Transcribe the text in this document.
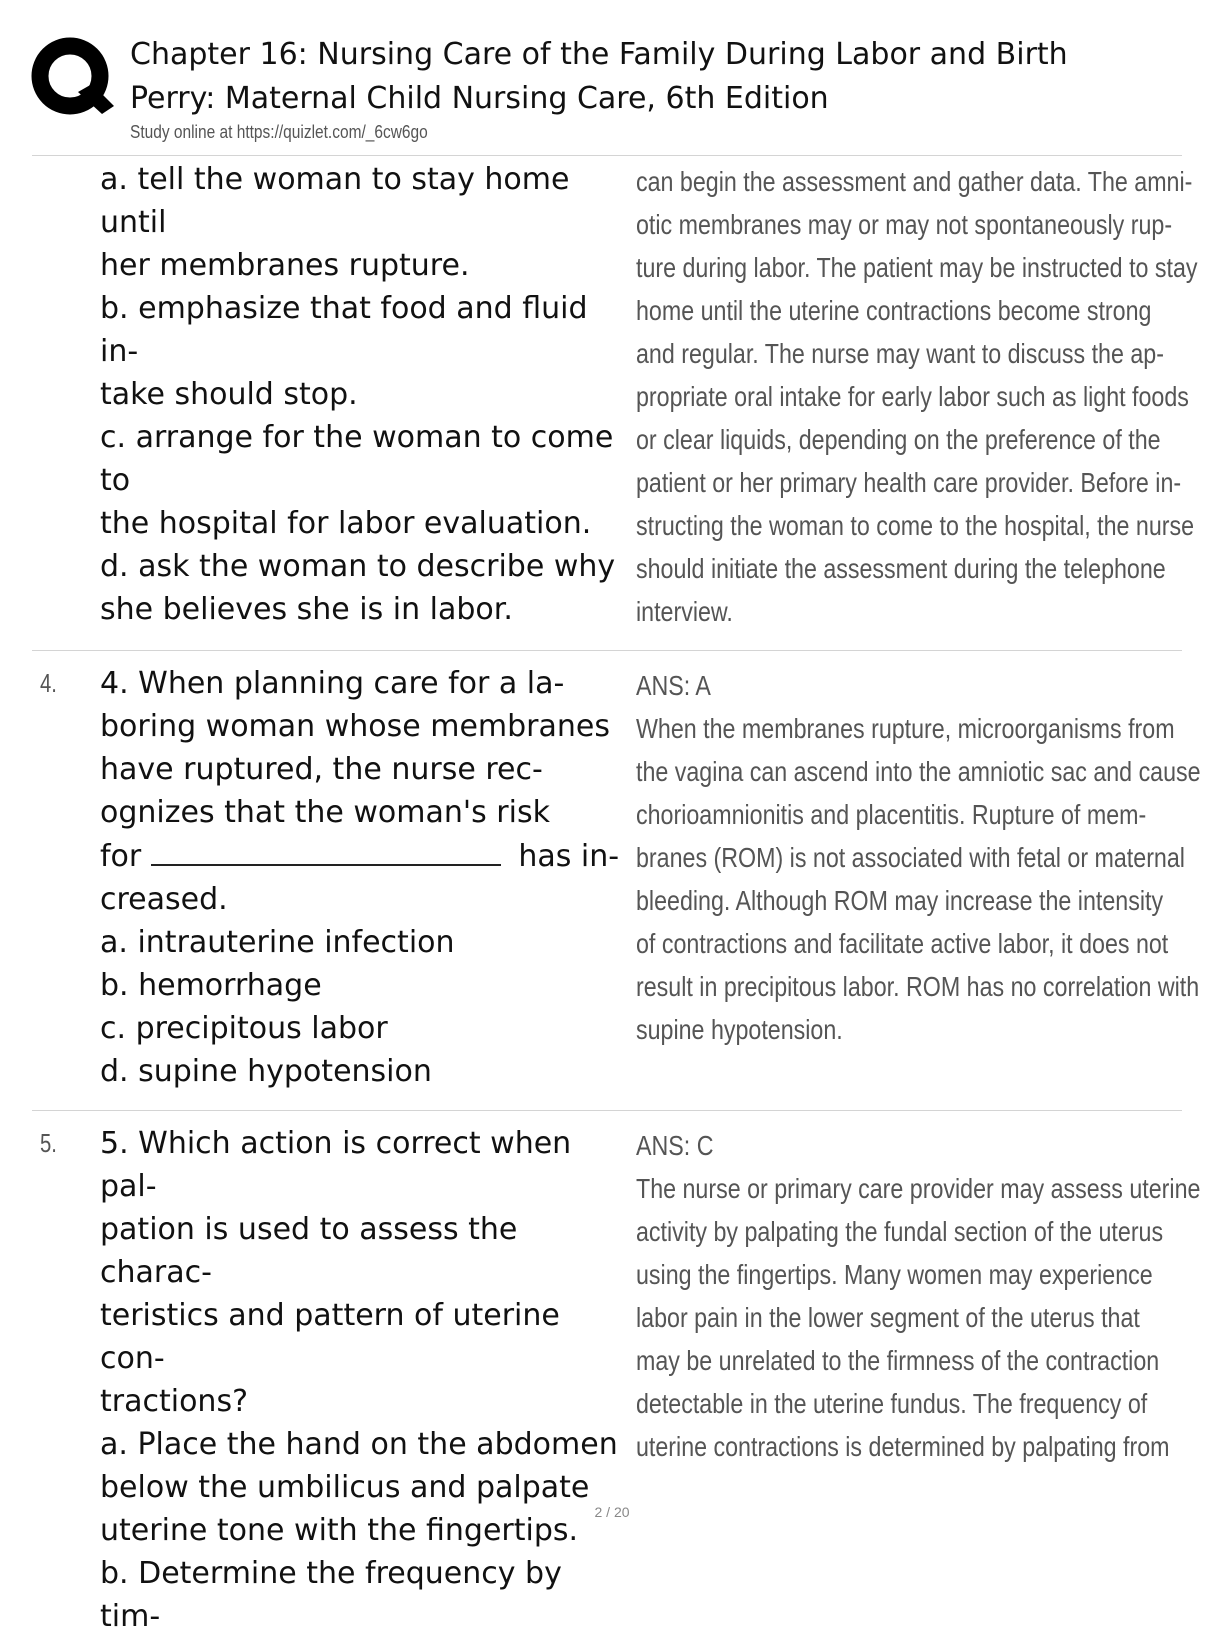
Chapter 16: Nursing Care of the Family During Labor and Birth
Perry: Maternal Child Nursing Care, 6th Edition
Study online at https://quizlet.com/_6cw6go

a. tell the woman to stay home until

her membranes rupture.

b. emphasize that food and fluid in-

take should stop.

c. arrange for the woman to come to

the hospital for labor evaluation.

d. ask the woman to describe why

she believes she is in labor.

can begin the assessment and gather data. The amni-

otic membranes may or may not spontaneously rup-

ture during labor. The patient may be instructed to stay

home until the uterine contractions become strong

and regular. The nurse may want to discuss the ap-

propriate oral intake for early labor such as light foods

or clear liquids, depending on the preference of the

patient or her primary health care provider. Before in-

structing the woman to come to the hospital, the nurse

should initiate the assessment during the telephone

interview.

4. 4. When planning care for a la-

boring woman whose membranes

have ruptured, the nurse rec-

ognizes that the woman's risk

for	has in-

creased.

a. intrauterine infection

b. hemorrhage

c. precipitous labor

d. supine hypotension

ANS: A

When the membranes rupture, microorganisms from

the vagina can ascend into the amniotic sac and cause

chorioamnionitis and placentitis. Rupture of mem-

branes (ROM) is not associated with fetal or maternal

bleeding. Although ROM may increase the intensity

of contractions and facilitate active labor, it does not

result in precipitous labor. ROM has no correlation with

supine hypotension.

5. 5. Which action is correct when pal-

pation is used to assess the charac-

teristics and pattern of uterine con-

tractions?

a. Place the hand on the abdomen

below the umbilicus and palpate

uterine tone with the fingertips.

b. Determine the frequency by tim-

ANS: C

The nurse or primary care provider may assess uterine

activity by palpating the fundal section of the uterus

using the fingertips. Many women may experience

labor pain in the lower segment of the uterus that

may be unrelated to the firmness of the contraction

detectable in the uterine fundus. The frequency of

uterine contractions is determined by palpating from

2 / 20
